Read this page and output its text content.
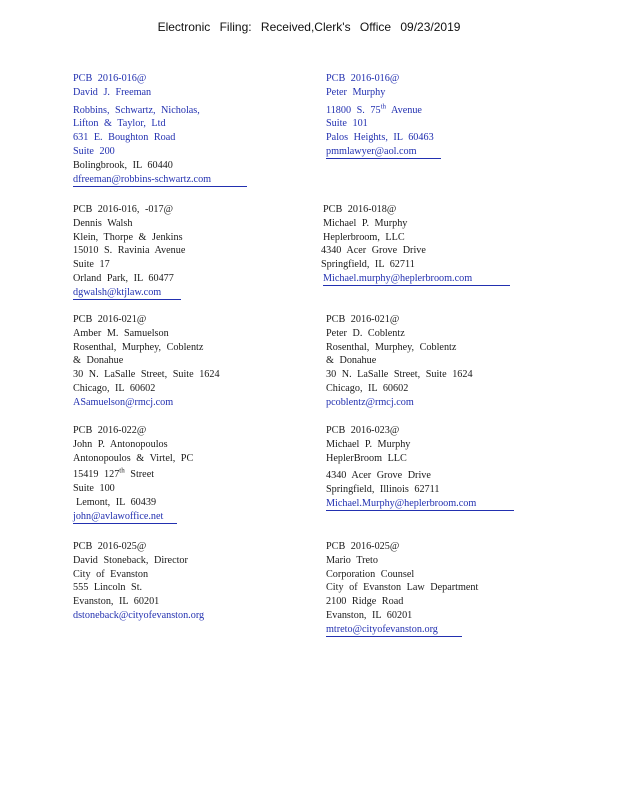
Electronic Filing: Received,Clerk's Office 09/23/2019
PCB 2016-016@
David J. Freeman
Robbins, Schwartz, Nicholas,
Lifton & Taylor, Ltd
631 E. Boughton Road
Suite 200
Bolingbrook, IL 60440
dfreeman@robbins-schwartz.com
PCB 2016-016@
Peter Murphy
11800 S. 75th Avenue
Suite 101
Palos Heights, IL 60463
pmmlawyer@aol.com
PCB 2016-016, -017@
Dennis Walsh
Klein, Thorpe & Jenkins
15010 S. Ravinia Avenue
Suite 17
Orland Park, IL 60477
dgwalsh@ktjlaw.com
PCB 2016-018@
Michael P. Murphy
Heplerbroom, LLC
4340 Acer Grove Drive
Springfield, IL 62711
Michael.murphy@heplerbroom.com
PCB 2016-021@
Amber M. Samuelson
Rosenthal, Murphey, Coblentz
& Donahue
30 N. LaSalle Street, Suite 1624
Chicago, IL 60602
ASamuelson@rmcj.com
PCB 2016-021@
Peter D. Coblentz
Rosenthal, Murphey, Coblentz
& Donahue
30 N. LaSalle Street, Suite 1624
Chicago, IL 60602
pcoblentz@rmcj.com
PCB 2016-022@
John P. Antonopoulos
Antonopoulos & Virtel, PC
15419 127th Street
Suite 100
Lemont, IL 60439
john@avlawoffice.net
PCB 2016-023@
Michael P. Murphy
HeplerBroom LLC
4340 Acer Grove Drive
Springfield, Illinois 62711
Michael.Murphy@heplerbroom.com
PCB 2016-025@
David Stoneback, Director
City of Evanston
555 Lincoln St.
Evanston, IL 60201
dstoneback@cityofevanston.org
PCB 2016-025@
Mario Treto
Corporation Counsel
City of Evanston Law Department
2100 Ridge Road
Evanston, IL 60201
mtreto@cityofevanston.org
